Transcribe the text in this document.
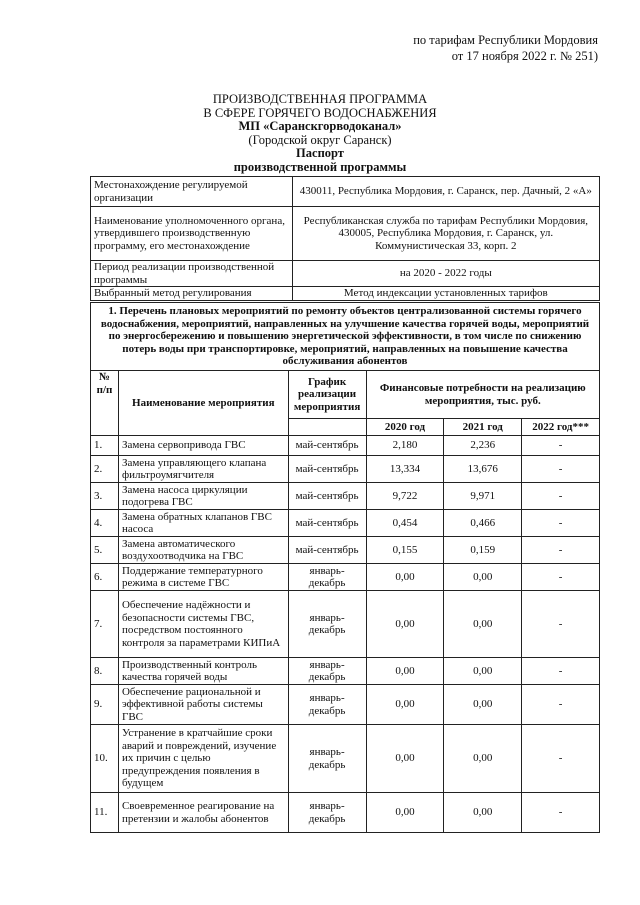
по тарифам Республики Мордовия
от 17 ноября 2022 г. № 251)
ПРОИЗВОДСТВЕННАЯ ПРОГРАММА
В СФЕРЕ ГОРЯЧЕГО ВОДОСНАБЖЕНИЯ
МП «Саранскгорводоканал»
(Городской округ Саранск)
Паспорт
производственной программы
Местонахождение регулируемой организации	430011, Республика Мордовия, г. Саранск, пер. Дачный, 2 «А»
Наименование уполномоченного органа, утвердившего производственную программу, его местонахождение	Республиканская служба по тарифам Республики Мордовия, 430005, Республика Мордовия, г. Саранск, ул. Коммунистическая 33, корп. 2
Период реализации производственной программы	на 2020 - 2022 годы
Выбранный метод регулирования	Метод индексации установленных тарифов
1. Перечень плановых мероприятий по ремонту объектов централизованной системы горячего водоснабжения, мероприятий, направленных на улучшение качества горячей воды, мероприятий по энергосбережению и повышению энергетической эффективности, в том числе по снижению потерь воды при транспортировке, мероприятий, направленных на повышение качества обслуживания абонентов					
№ п/п	Наименование мероприятия	График реализации мероприятия	Финансовые потребности на реализацию мероприятия, тыс. руб.		
			2020 год	2021 год	2022 год***
1.	Замена сервопривода ГВС	май-сентябрь	2,180	2,236	-
2.	Замена управляющего клапана фильтроумягчителя	май-сентябрь	13,334	13,676	-
3.	Замена насоса циркуляции подогрева ГВС	май-сентябрь	9,722	9,971	-
4.	Замена обратных клапанов ГВС насоса	май-сентябрь	0,454	0,466	-
5.	Замена автоматического воздухоотводчика на ГВС	май-сентябрь	0,155	0,159	-
6.	Поддержание температурного режима в системе ГВС	январь-декабрь	0,00	0,00	-
7.	Обеспечение надёжности и безопасности системы ГВС, посредством постоянного контроля за параметрами КИПиА	январь-декабрь	0,00	0,00	-
8.	Производственный контроль качества горячей воды	январь-декабрь	0,00	0,00	-
9.	Обеспечение рациональной и эффективной работы системы ГВС	январь-декабрь	0,00	0,00	-
10.	Устранение в кратчайшие сроки аварий и повреждений, изучение их причин с целью предупреждения появления в будущем	январь-декабрь	0,00	0,00	-
11.	Своевременное реагирование на претензии и жалобы абонентов	январь-декабрь	0,00	0,00	-
